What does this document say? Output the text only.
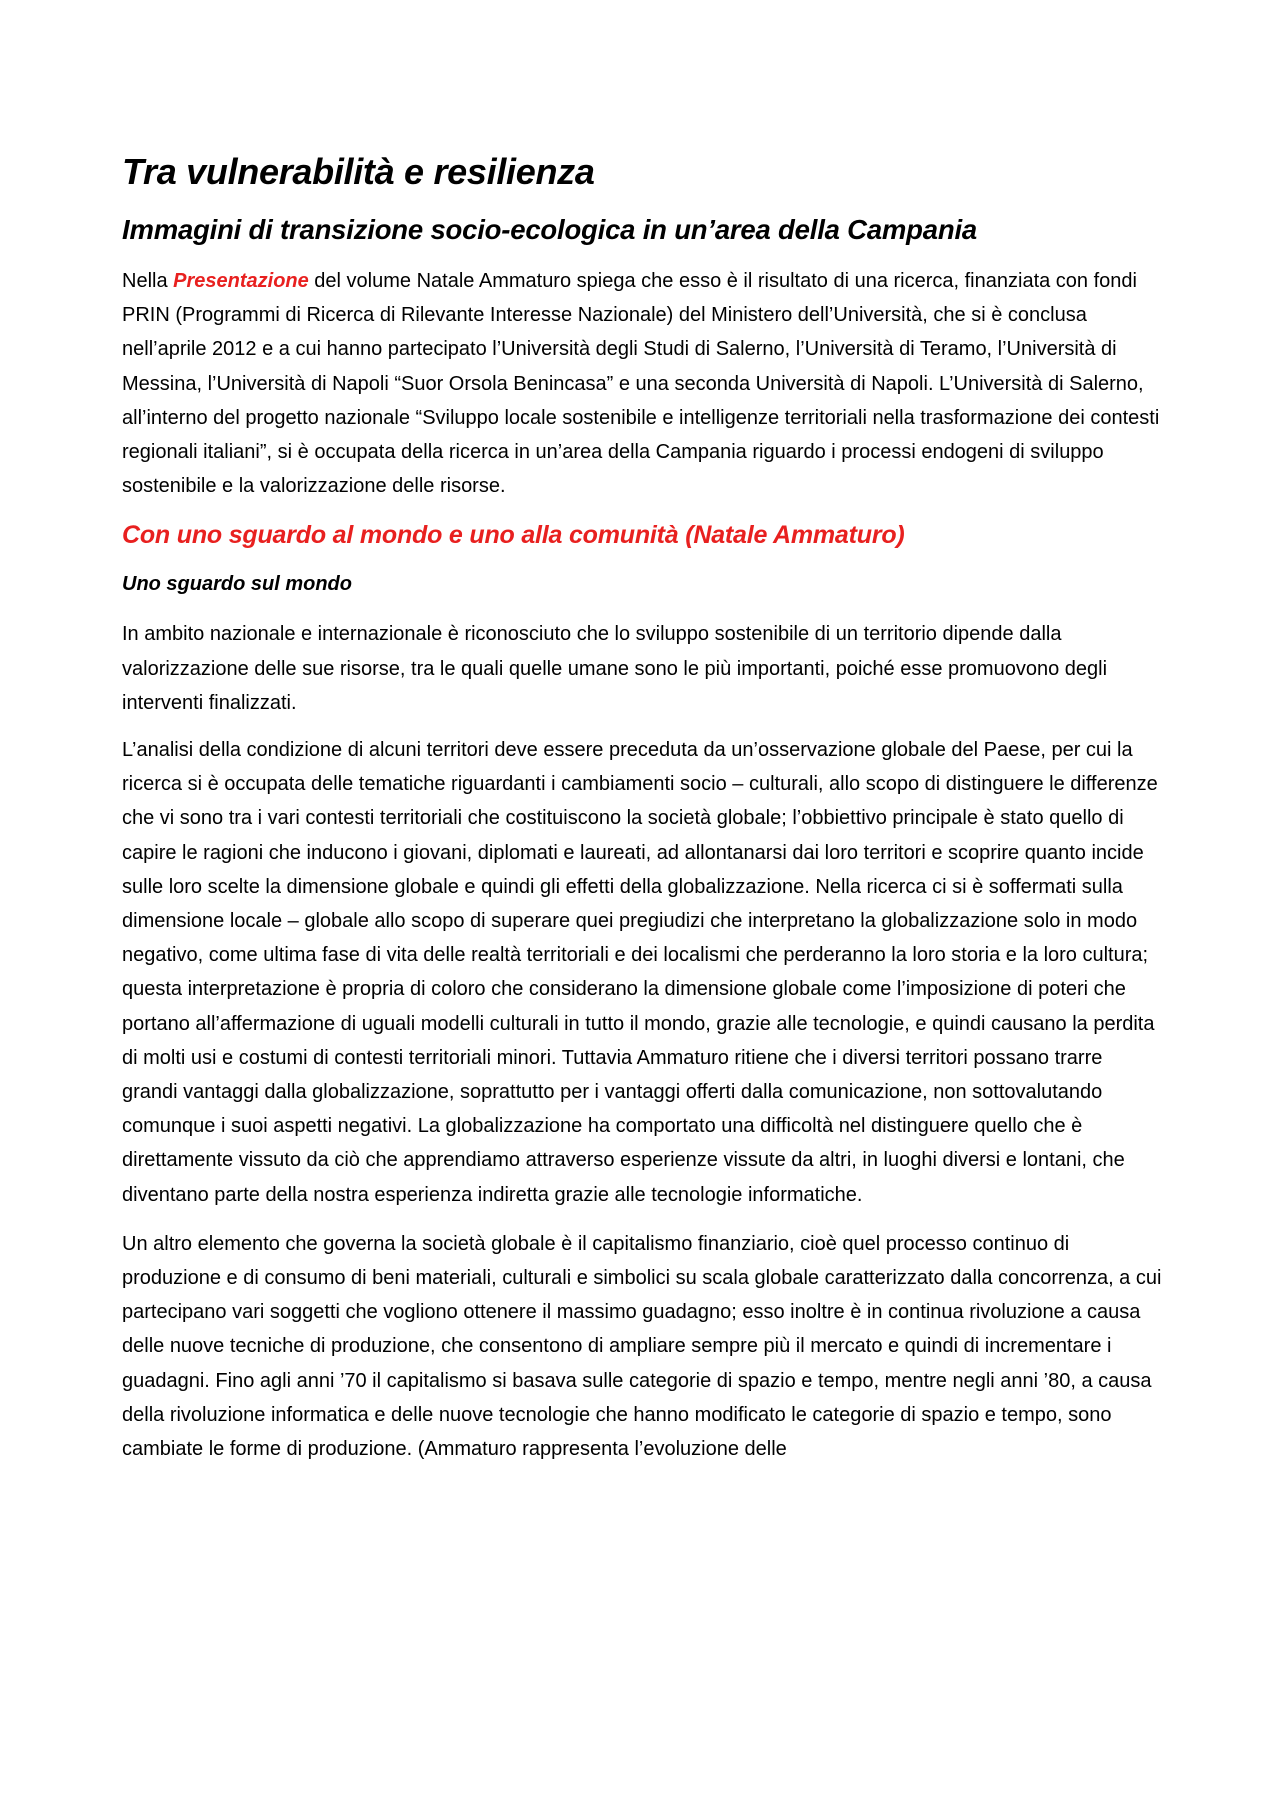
Tra vulnerabilità e resilienza
Immagini di transizione socio-ecologica in un’area della Campania

Nella Presentazione del volume Natale Ammaturo spiega che esso è il risultato di una ricerca, finanziata con fondi PRIN (Programmi di Ricerca di Rilevante Interesse Nazionale) del Ministero dell’Università, che si è conclusa nell’aprile 2012 e a cui hanno partecipato l’Università degli Studi di Salerno, l’Università di Teramo, l’Università di Messina, l’Università di Napoli “Suor Orsola Benincasa” e una seconda Università di Napoli. L’Università di Salerno, all’interno del progetto nazionale “Sviluppo locale sostenibile e intelligenze territoriali nella trasformazione dei contesti regionali italiani”, si è occupata della ricerca in un’area della Campania riguardo i processi endogeni di sviluppo sostenibile e la valorizzazione delle risorse.

Con uno sguardo al mondo e uno alla comunità (Natale Ammaturo)
Uno sguardo sul mondo

In ambito nazionale e internazionale è riconosciuto che lo sviluppo sostenibile di un territorio dipende dalla valorizzazione delle sue risorse, tra le quali quelle umane sono le più importanti, poiché esse promuovono degli interventi finalizzati.

L’analisi della condizione di alcuni territori deve essere preceduta da un’osservazione globale del Paese, per cui la ricerca si è occupata delle tematiche riguardanti i cambiamenti socio – culturali, allo scopo di distinguere le differenze che vi sono tra i vari contesti territoriali che costituiscono la società globale; l’obbiettivo principale è stato quello di capire le ragioni che inducono i giovani, diplomati e laureati, ad allontanarsi dai loro territori e scoprire quanto incide sulle loro scelte la dimensione globale e quindi gli effetti della globalizzazione. Nella ricerca ci si è soffermati sulla dimensione locale – globale allo scopo di superare quei pregiudizi che interpretano la globalizzazione solo in modo negativo, come ultima fase di vita delle realtà territoriali e dei localismi che perderanno la loro storia e la loro cultura; questa interpretazione è propria di coloro che considerano la dimensione globale come l’imposizione di poteri che portano all’affermazione di uguali modelli culturali in tutto il mondo, grazie alle tecnologie, e quindi causano la perdita di molti usi e costumi di contesti territoriali minori. Tuttavia Ammaturo ritiene che i diversi territori possano trarre grandi vantaggi dalla globalizzazione, soprattutto per i vantaggi offerti dalla comunicazione, non sottovalutando comunque i suoi aspetti negativi. La globalizzazione ha comportato una difficoltà nel distinguere quello che è direttamente vissuto da ciò che apprendiamo attraverso esperienze vissute da altri, in luoghi diversi e lontani, che diventano parte della nostra esperienza indiretta grazie alle tecnologie informatiche.

Un altro elemento che governa la società globale è il capitalismo finanziario, cioè quel processo continuo di produzione e di consumo di beni materiali, culturali e simbolici su scala globale caratterizzato dalla concorrenza, a cui partecipano vari soggetti che vogliono ottenere il massimo guadagno; esso inoltre è in continua rivoluzione a causa delle nuove tecniche di produzione, che consentono di ampliare sempre più il mercato e quindi di incrementare i guadagni. Fino agli anni ’70 il capitalismo si basava sulle categorie di spazio e tempo, mentre negli anni ’80, a causa della rivoluzione informatica e delle nuove tecnologie che hanno modificato le categorie di spazio e tempo, sono cambiate le forme di produzione. (Ammaturo rappresenta l’evoluzione delle
